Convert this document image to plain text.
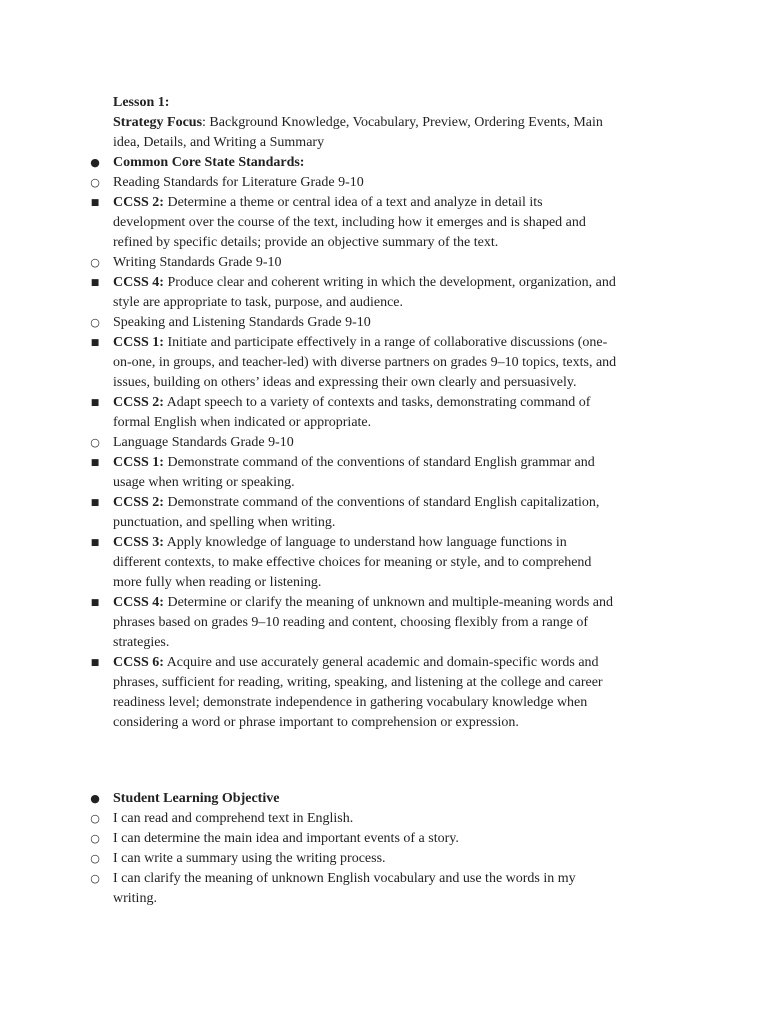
Lesson 1:
Strategy Focus: Background Knowledge, Vocabulary, Preview, Ordering Events, Main
idea, Details, and Writing a Summary
● Common Core State Standards:
○ Reading Standards for Literature Grade 9-10
■ CCSS 2: Determine a theme or central idea of a text and analyze in detail its
development over the course of the text, including how it emerges and is shaped and
refined by specific details; provide an objective summary of the text.
○ Writing Standards Grade 9-10
■ CCSS 4: Produce clear and coherent writing in which the development, organization, and
style are appropriate to task, purpose, and audience.
○ Speaking and Listening Standards Grade 9-10
■ CCSS 1: Initiate and participate effectively in a range of collaborative discussions (one-
on-one, in groups, and teacher-led) with diverse partners on grades 9–10 topics, texts, and
issues, building on others’ ideas and expressing their own clearly and persuasively.
■ CCSS 2: Adapt speech to a variety of contexts and tasks, demonstrating command of
formal English when indicated or appropriate.
○ Language Standards Grade 9-10
■ CCSS 1: Demonstrate command of the conventions of standard English grammar and
usage when writing or speaking.
■ CCSS 2: Demonstrate command of the conventions of standard English capitalization,
punctuation, and spelling when writing.
■ CCSS 3: Apply knowledge of language to understand how language functions in
different contexts, to make effective choices for meaning or style, and to comprehend
more fully when reading or listening.
■ CCSS 4: Determine or clarify the meaning of unknown and multiple-meaning words and
phrases based on grades 9–10 reading and content, choosing flexibly from a range of
strategies.
■ CCSS 6: Acquire and use accurately general academic and domain-specific words and
phrases, sufficient for reading, writing, speaking, and listening at the college and career
readiness level; demonstrate independence in gathering vocabulary knowledge when
considering a word or phrase important to comprehension or expression.
● Student Learning Objective
○ I can read and comprehend text in English.
○ I can determine the main idea and important events of a story.
○ I can write a summary using the writing process.
○ I can clarify the meaning of unknown English vocabulary and use the words in my
writing.
